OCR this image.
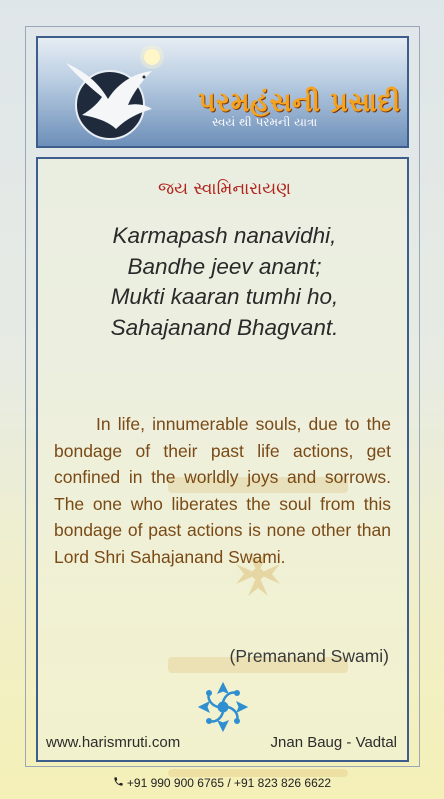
પરમહંસની પ્રસાદી
સ્વયં થી પરમની યાત્રા
જય સ્વામિનારાયણ
Karmapash nanavidhi,
Bandhe jeev anant;
Mukti kaaran tumhi ho,
Sahajanand Bhagvant.
In life, innumerable souls, due to the bondage of their past life actions, get confined in the worldly joys and sorrows. The one who liberates the soul from this bondage of past actions is none other than Lord Shri Sahajanand Swami.
(Premanand Swami)
www.harismruti.com	Jnan Baug - Vadtal
+91 990 900 6765 / +91 823 826 6622
